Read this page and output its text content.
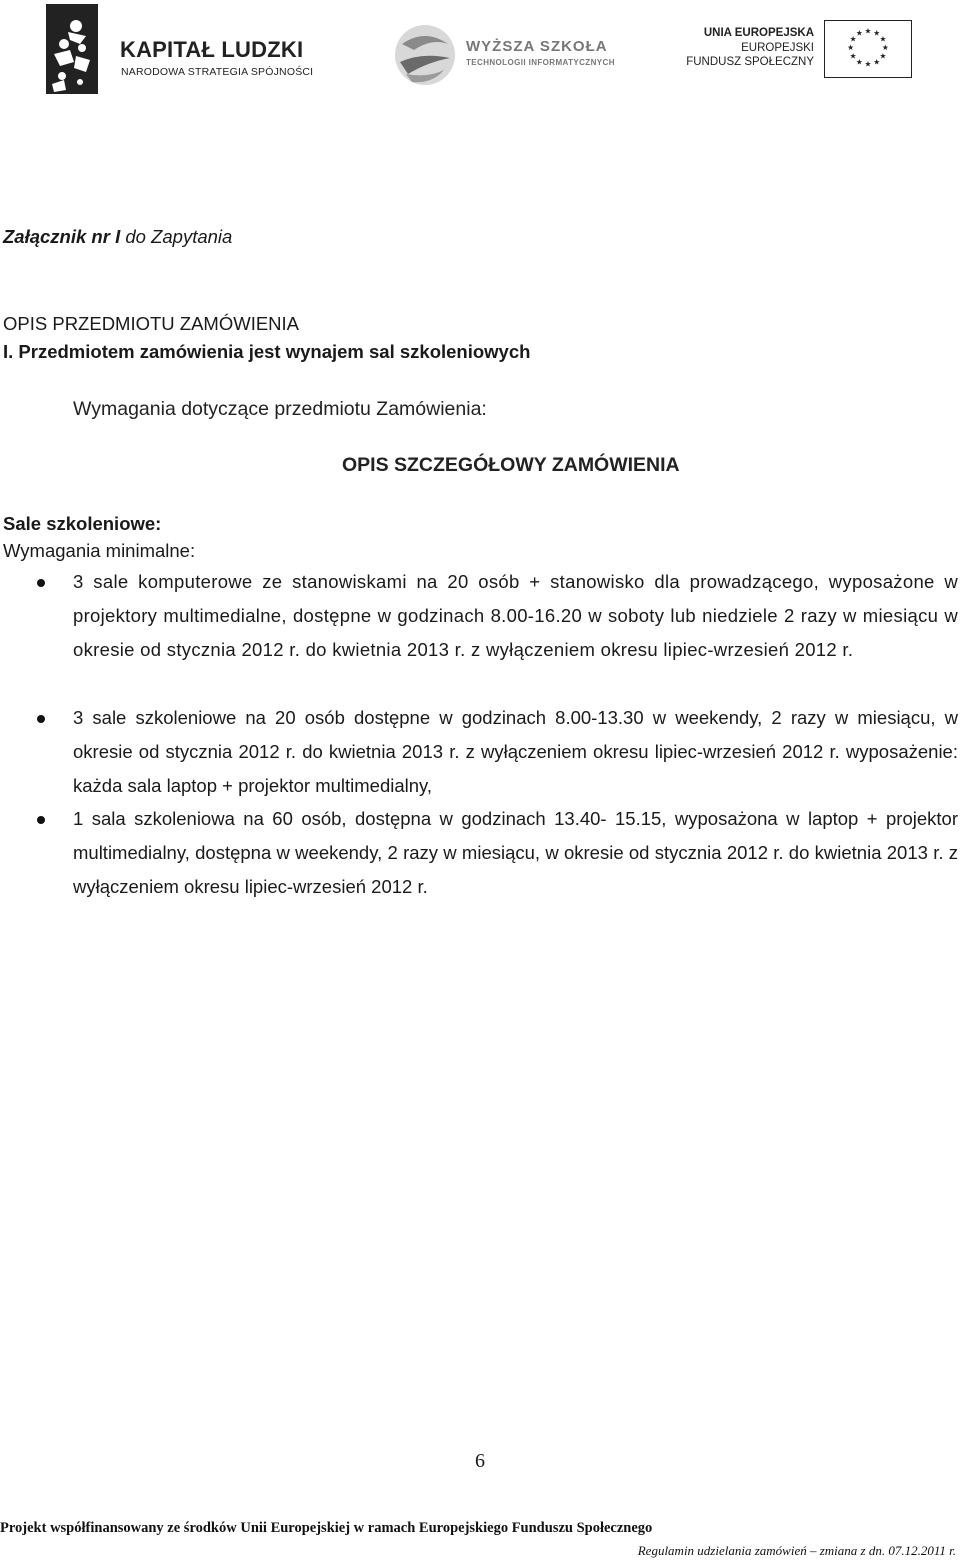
KAPITAŁ LUDZKI
NARODOWA STRATEGIA SPÓJNOŚCI
WYŻSZA SZKOŁA
TECHNOLOGII INFORMATYCZNYCH
UNIA EUROPEJSKA
EUROPEJSKI
FUNDUSZ SPOŁECZNY
★ ★
★
★
★
★
★
★
★
★
★
★
Załącznik nr I do Zapytania
OPIS PRZEDMIOTU ZAMÓWIENIA
I. Przedmiotem zamówienia jest wynajem sal szkoleniowych
Wymagania dotyczące przedmiotu Zamówienia:
OPIS SZCZEGÓŁOWY ZAMÓWIENIA
Sale szkoleniowe:
Wymagania minimalne:
3 sale komputerowe ze stanowiskami na 20 osób + stanowisko dla prowadzącego, wyposażone w projektory multimedialne, dostępne w godzinach 8.00-16.20 w soboty lub niedziele 2 razy w miesiącu w okresie od stycznia 2012 r. do kwietnia 2013 r. z wyłączeniem okresu lipiec-wrzesień 2012 r.
3 sale szkoleniowe na 20 osób dostępne w godzinach 8.00-13.30 w weekendy, 2 razy w miesiącu, w okresie od stycznia 2012 r. do kwietnia 2013 r. z wyłączeniem okresu lipiec-wrzesień 2012 r. wyposażenie: każda sala laptop + projektor multimedialny,
1 sala szkoleniowa na 60 osób, dostępna w godzinach 13.40- 15.15, wyposażona w laptop + projektor multimedialny, dostępna w weekendy, 2 razy w miesiącu, w okresie od stycznia 2012 r. do kwietnia 2013 r. z wyłączeniem okresu lipiec-wrzesień 2012 r.
6
Projekt współfinansowany ze środków Unii Europejskiej w ramach Europejskiego Funduszu Społecznego
Regulamin udzielania zamówień – zmiana z dn. 07.12.2011 r.
